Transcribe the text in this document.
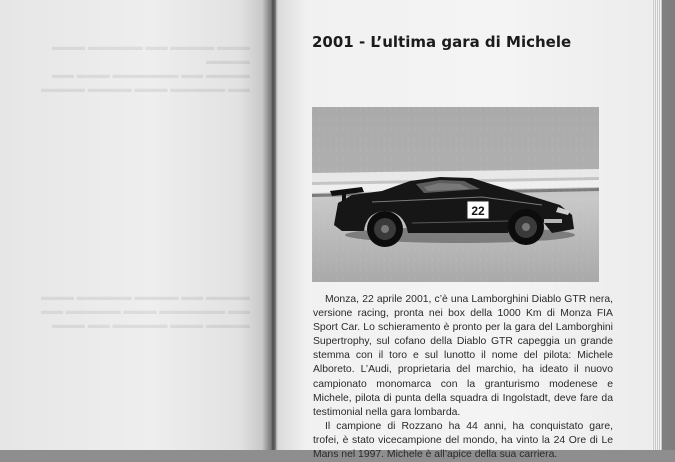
▬▬▬ ▬▬▬▬ ▬▬ ▬▬▬▬▬ ▬▬▬ ▬▬▬▬
▬▬▬▬ ▬▬ ▬▬▬▬▬▬ ▬▬▬ ▬▬
▬▬ ▬▬▬▬▬ ▬▬▬ ▬▬▬▬ ▬▬▬▬
▬▬▬▬ ▬▬ ▬▬▬▬ ▬▬▬▬▬ ▬▬▬
▬▬ ▬▬▬▬▬▬ ▬▬▬ ▬▬▬▬▬ ▬▬
▬▬▬▬ ▬▬▬ ▬▬▬▬▬ ▬▬ ▬▬▬
2001 - L’ultima gara di Michele
22

Monza, 22 aprile 2001, c’è una Lamborghini Diablo GTR nera, versione racing, pronta nei box della 1000 Km di Monza FIA Sport Car. Lo schieramento è pronto per la gara del Lamborghini Supertrophy, sul cofano della Diablo GTR capeggia un grande stemma con il toro e sul lunotto il nome del pilota: Michele Alboreto. L’Audi, proprietaria del marchio, ha ideato il nuovo campionato monomarca con la granturismo modenese e Michele, pilota di punta della squadra di Ingolstadt, deve fare da testimonial nella gara lombarda.

Il campione di Rozzano ha 44 anni, ha conquistato gare, trofei, è stato vicecampione del mondo, ha vinto la 24 Ore di Le Mans nel 1997. Michele è all’apice della sua carriera.
